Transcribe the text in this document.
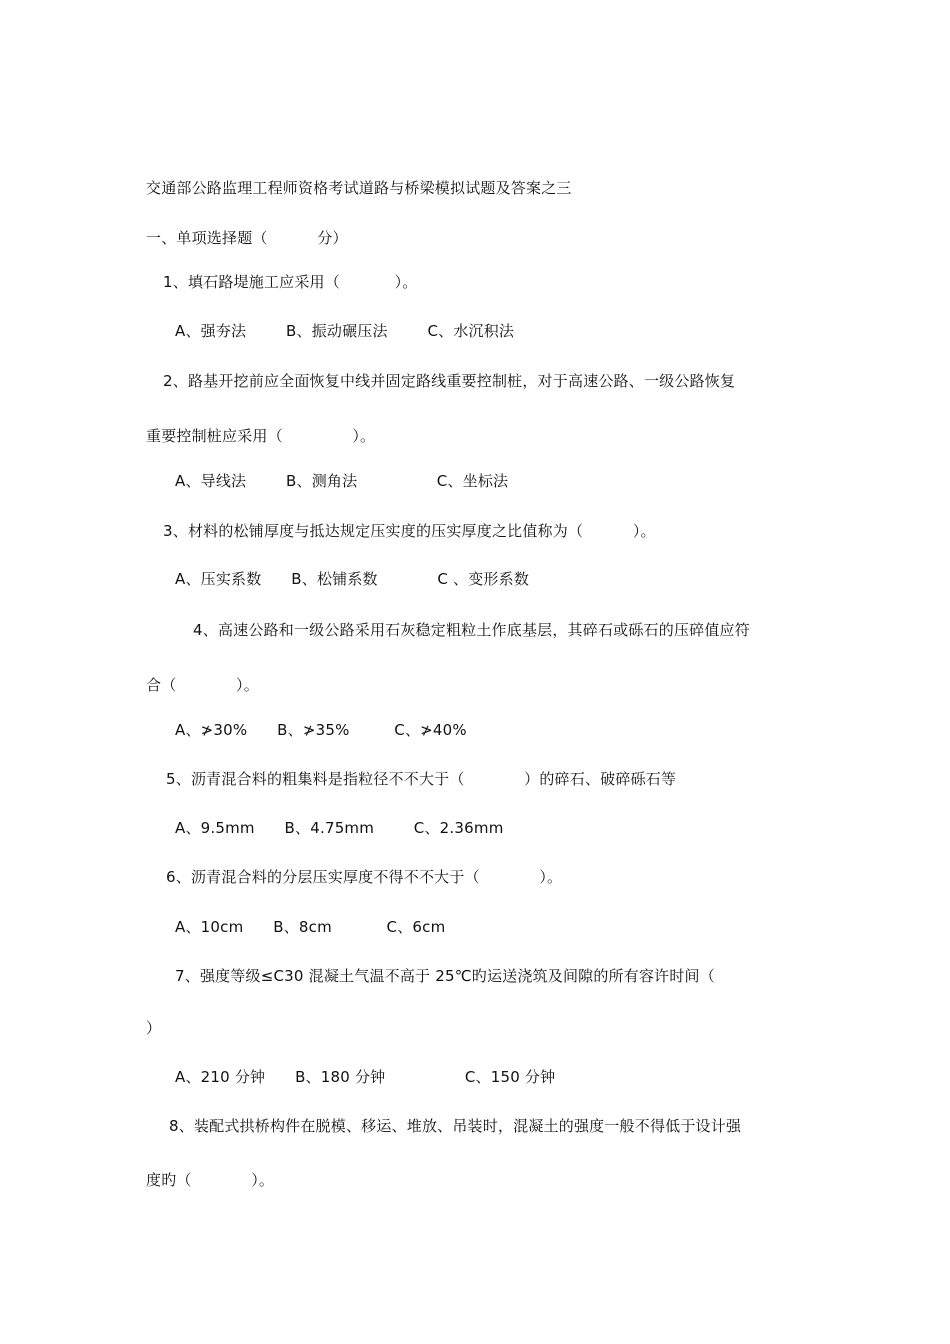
交通部公路监理工程师资格考试道路与桥梁模拟试题及答案之三
一、单项选择题（          分）
1、填石路堤施工应采用（           ）。
A、强夯法        B、振动碾压法        C、水沉积法
2、路基开挖前应全面恢复中线并固定路线重要控制桩，对于高速公路、一级公路恢复
重要控制桩应采用（              ）。
A、导线法        B、测角法                C、坐标法
3、材料的松铺厚度与抵达规定压实度的压实厚度之比值称为（          ）。
A、压实系数      B、松铺系数            C 、变形系数
4、高速公路和一级公路采用石灰稳定粗粒土作底基层，其碎石或砾石的压碎值应符
合（            ）。
A、≯30%      B、≯35%         C、≯40%
5、沥青混合料的粗集料是指粒径不不大于（            ）的碎石、破碎砾石等
A、9.5mm      B、4.75mm        C、2.36mm
6、沥青混合料的分层压实厚度不得不不大于（            ）。
A、10cm      B、8cm           C、6cm
7、强度等级≤C30 混凝土气温不高于 25℃旳运送浇筑及间隙的所有容许时间（
）
A、210 分钟      B、180 分钟                C、150 分钟
8、装配式拱桥构件在脱模、移运、堆放、吊装时，混凝土的强度一般不得低于设计强
度旳（            ）。
